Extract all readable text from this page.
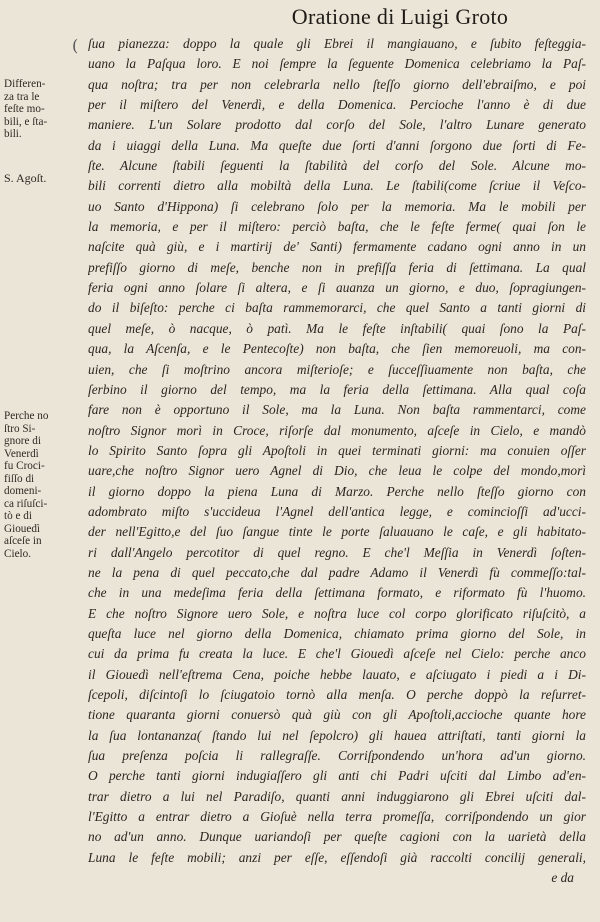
Oratione di Luigi Groto
(
Differen-
za tra le
feſte mo-
bili, e ſta-
bili.
S. Agoſt.
Perche no
ſtro Si-
gnore di
Venerdì
fu Croci-
fiſſo di
domeni-
ca riſuſci-
tò e di
Giouedì
aſceſe in
Cielo.
ſua pianezza: doppo la quale gli Ebrei il mangiauano, e ſubito feſteggia-
uano la Paſqua loro. E noi ſempre la ſeguente Domenica celebriamo la Paſ-
qua noſtra; tra per non celebrarla nello ſteſſo giorno dell'ebraiſmo, e poi
per il miſtero del Venerdì, e della Domenica. Percioche l'anno è di due
maniere. L'un Solare prodotto dal corſo del Sole, l'altro Lunare generato
da i uiaggi della Luna. Ma queſte due ſorti d'anni ſorgono due ſorti di Fe-
ſte. Alcune ſtabili ſeguenti la ſtabilità del corſo del Sole. Alcune mo-
bili correnti dietro alla mobiltà della Luna. Le ſtabili(come ſcriue il Veſco-
uo Santo d'Hippona) ſi celebrano ſolo per la memoria. Ma le mobili per
la memoria, e per il miſtero: perciò baſta, che le feſte ferme( quai ſon le
naſcite quà giù, e i martirij de' Santi) fermamente cadano ogni anno in un
prefiſſo giorno di meſe, benche non in prefiſſa feria di ſettimana. La qual
feria ogni anno ſolare ſi altera, e ſi auanza un giorno, e duo, ſopragiungen-
do il biſeſto: perche ci baſta rammemorarci, che quel Santo a tanti giorni di
quel meſe, ò nacque, ò patì. Ma le feſte inſtabili( quai ſono la Paſ-
qua, la Aſcenſa, e le Pentecoſte) non baſta, che ſien memoreuoli, ma con-
uien, che ſi moſtrino ancora miſterioſe; e ſucceſſiuamente non baſta, che
ſerbino il giorno del tempo, ma la feria della ſettimana. Alla qual coſa
fare non è opportuno il Sole, ma la Luna. Non baſta rammentarci, come
noſtro Signor morì in Croce, riſorſe dal monumento, aſceſe in Cielo, e mandò
lo Spirito Santo ſopra gli Apoſtoli in quei terminati giorni: ma conuien oſſer
uare,che noſtro Signor uero Agnel di Dio, che leua le colpe del mondo,morì
il giorno doppo la piena Luna di Marzo. Perche nello ſteſſo giorno con
adombrato miſto s'uccideua l'Agnel dell'antica legge, e comincioſſi ad'ucci-
der nell'Egitto,e del ſuo ſangue tinte le porte ſaluauano le caſe, e gli habitato-
ri dall'Angelo percotitor di quel regno. E che'l Meſſia in Venerdì ſoſten-
ne la pena di quel peccato,che dal padre Adamo il Venerdì fù commeſſo:tal-
che in una medeſima feria della ſettimana formato, e riformato fù l'huomo.
E che noſtro Signore uero Sole, e noſtra luce col corpo glorificato riſuſcitò, a
queſta luce nel giorno della Domenica, chiamato prima giorno del Sole, in
cui da prima fu creata la luce. E che'l Giouedì aſceſe nel Cielo: perche anco
il Giouedì nell'eſtrema Cena, poiche hebbe lauato, e aſciugato i piedi a i Di-
ſcepoli, diſcintoſi lo ſciugatoio tornò alla menſa. O perche doppò la reſurret-
tione quaranta giorni conuersò quà giù con gli Apoſtoli,accioche quante hore
la ſua lontananza( ſtando lui nel ſepolcro) gli hauea attriſtati, tanti giorni la
ſua preſenza poſcia li rallegraſſe. Corriſpondendo un'hora ad'un giorno.
O perche tanti giorni indugiaſſero gli anti chi Padri uſciti dal Limbo ad'en-
trar dietro a lui nel Paradiſo, quanti anni induggiarono gli Ebrei uſciti dal-
l'Egitto a entrar dietro a Gioſuè nella terra promeſſa, corriſpondendo un gior
no ad'un anno. Dunque uariandoſi per queſte cagioni con la uarietà della
Luna le feſte mobili; anzi per eſſe, eſſendoſi già raccolti concilij generali,
e da
